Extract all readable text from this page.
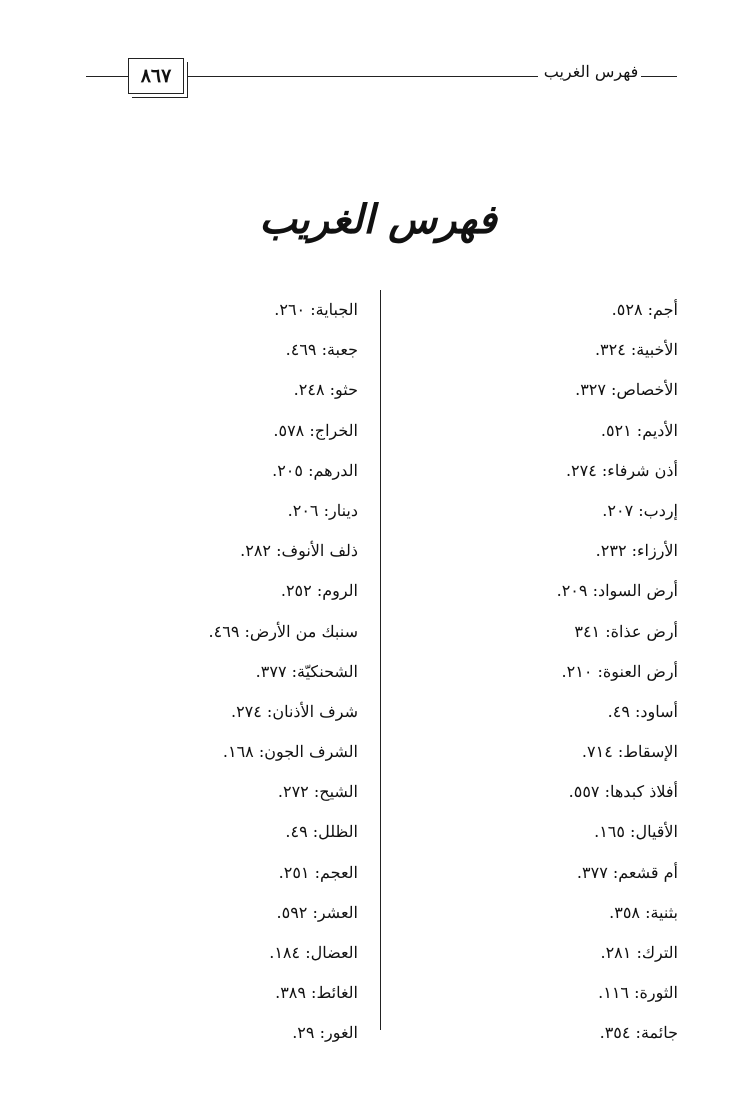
٨٦٧	فهرس الغريب
فهرس الغريب
أجم: ٥٢٨.
الأخبية: ٣٢٤.
الأخصاص: ٣٢٧.
الأديم: ٥٢١.
أذن شرفاء: ٢٧٤.
إردب: ٢٠٧.
الأرزاء: ٢٣٢.
أرض السواد: ٢٠٩.
أرض عذاة: ٣٤١
أرض العنوة: ٢١٠.
أساود: ٤٩.
الإسقاط: ٧١٤.
أفلاذ كبدها: ٥٥٧.
الأقيال: ١٦٥.
أم قشعم: ٣٧٧.
بثنية: ٣٥٨.
الترك: ٢٨١.
الثورة: ١١٦.
جائمة: ٣٥٤.
الجباية: ٢٦٠.
جعبة: ٤٦٩.
حثو: ٢٤٨.
الخراج: ٥٧٨.
الدرهم: ٢٠٥.
دينار: ٢٠٦.
ذلف الأنوف: ٢٨٢.
الروم: ٢٥٢.
سنبك من الأرض: ٤٦٩.
الشحنكيّة: ٣٧٧.
شرف الأذنان: ٢٧٤.
الشرف الجون: ١٦٨.
الشيح: ٢٧٢.
الظلل: ٤٩.
العجم: ٢٥١.
العشر: ٥٩٢.
العضال: ١٨٤.
الغائط: ٣٨٩.
الغور: ٢٩.
